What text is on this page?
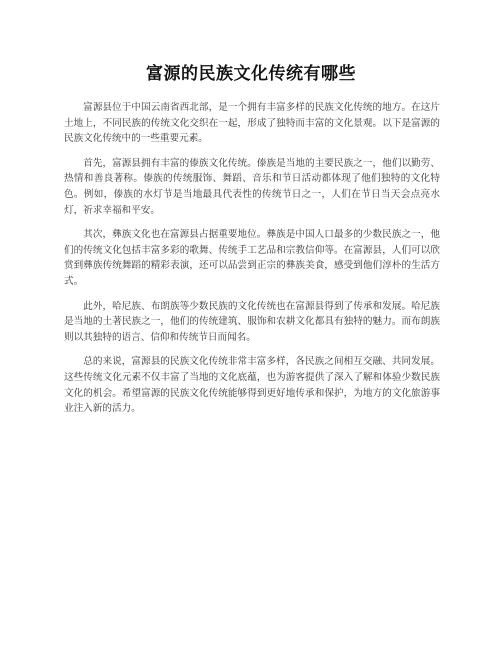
富源的民族文化传统有哪些

富源县位于中国云南省西北部，是一个拥有丰富多样的民族文化传统的地方。在这片土地上，不同民族的传统文化交织在一起，形成了独特而丰富的文化景观。以下是富源的民族文化传统中的一些重要元素。

首先，富源县拥有丰富的傣族文化传统。傣族是当地的主要民族之一，他们以勤劳、热情和善良著称。傣族的传统服饰、舞蹈、音乐和节日活动都体现了他们独特的文化特色。例如，傣族的水灯节是当地最具代表性的传统节日之一，人们在节日当天会点亮水灯，祈求幸福和平安。

其次，彝族文化也在富源县占据重要地位。彝族是中国人口最多的少数民族之一，他们的传统文化包括丰富多彩的歌舞、传统手工艺品和宗教信仰等。在富源县，人们可以欣赏到彝族传统舞蹈的精彩表演，还可以品尝到正宗的彝族美食，感受到他们淳朴的生活方式。

此外，哈尼族、布朗族等少数民族的文化传统也在富源县得到了传承和发展。哈尼族是当地的土著民族之一，他们的传统建筑、服饰和农耕文化都具有独特的魅力。而布朗族则以其独特的语言、信仰和传统节日而闻名。

总的来说，富源县的民族文化传统非常丰富多样，各民族之间相互交融、共同发展。这些传统文化元素不仅丰富了当地的文化底蕴，也为游客提供了深入了解和体验少数民族文化的机会。希望富源的民族文化传统能够得到更好地传承和保护，为地方的文化旅游事业注入新的活力。
